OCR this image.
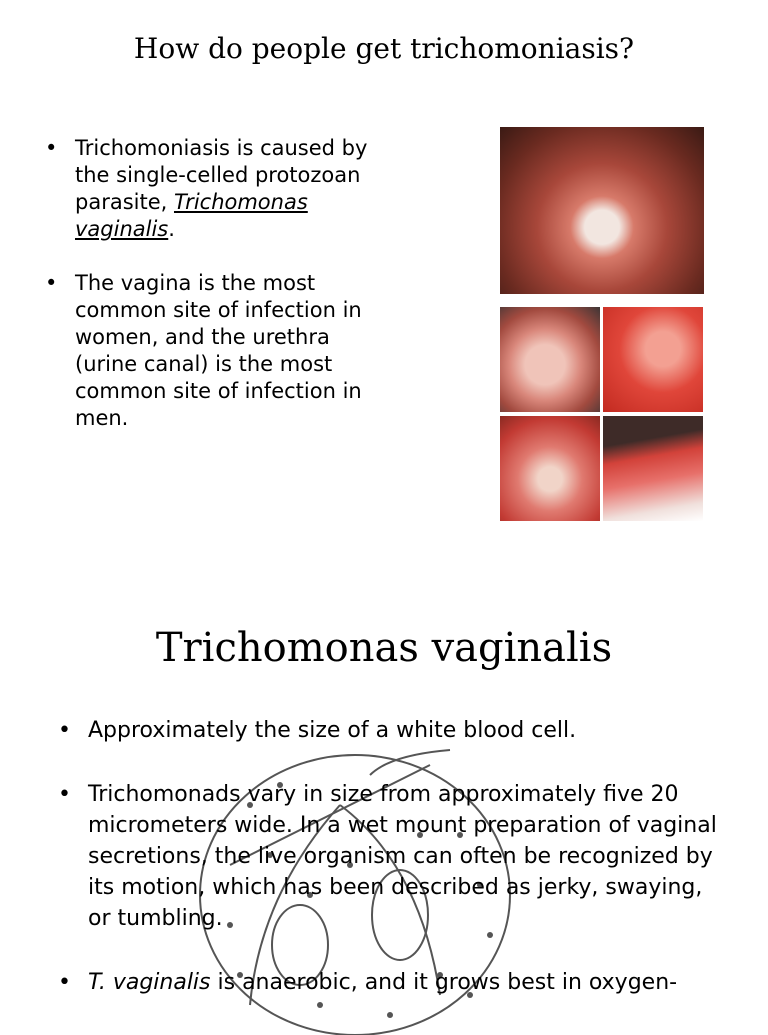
How do people get trichomoniasis?
• Trichomoniasis is caused by the single-celled protozoan parasite, Trichomonas vaginalis.
• The vagina is the most common site of infection in women, and the urethra (urine canal) is the most common site of infection in men.
Trichomonas vaginalis
• Approximately the size of a white blood cell.
• Trichomonads vary in size from approximately five 20 micrometers wide. In a wet mount preparation of vaginal secretions, the live organism can often be recognized by its motion, which has been described as jerky, swaying, or tumbling.
• T. vaginalis is anaerobic, and it grows best in oxygen-
